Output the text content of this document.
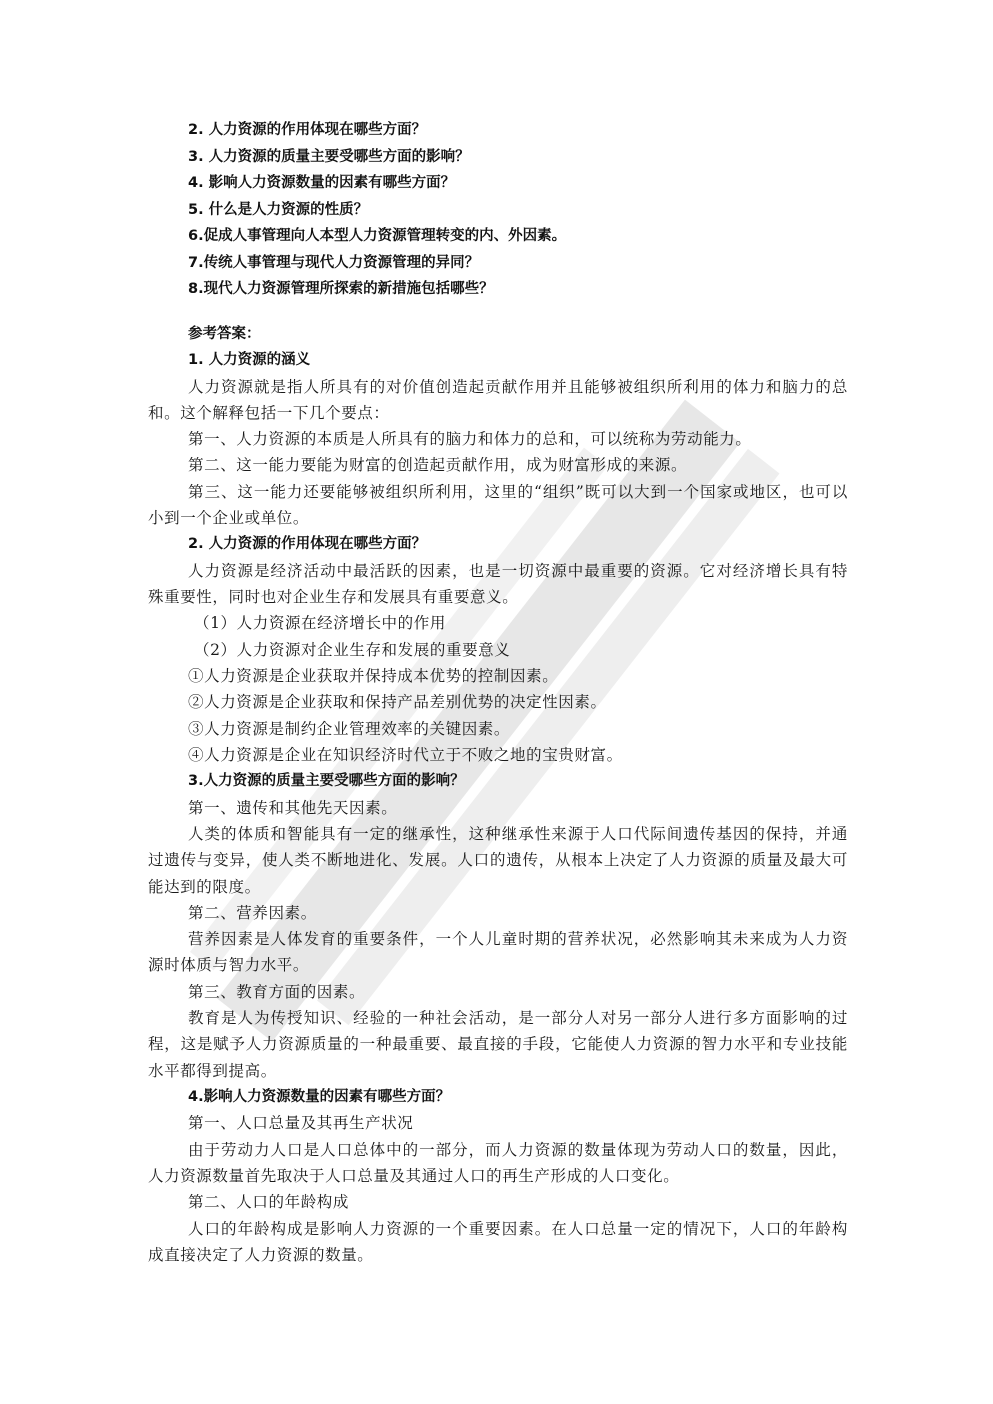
2. 人力资源的作用体现在哪些方面？
3. 人力资源的质量主要受哪些方面的影响？
4. 影响人力资源数量的因素有哪些方面？
5. 什么是人力资源的性质？
6.促成人事管理向人本型人力资源管理转变的内、外因素。
7.传统人事管理与现代人力资源管理的异同？
8.现代人力资源管理所探索的新措施包括哪些？
参考答案：
1. 人力资源的涵义

人力资源就是指人所具有的对价值创造起贡献作用并且能够被组织所利用的体力和脑力的总和。这个解释包括一下几个要点：

第一、人力资源的本质是人所具有的脑力和体力的总和，可以统称为劳动能力。

第二、这一能力要能为财富的创造起贡献作用，成为财富形成的来源。

第三、这一能力还要能够被组织所利用，这里的“组织”既可以大到一个国家或地区，也可以小到一个企业或单位。

2. 人力资源的作用体现在哪些方面？

人力资源是经济活动中最活跃的因素，也是一切资源中最重要的资源。它对经济增长具有特殊重要性，同时也对企业生存和发展具有重要意义。

（1）人力资源在经济增长中的作用
（2）人力资源对企业生存和发展的重要意义
①人力资源是企业获取并保持成本优势的控制因素。
②人力资源是企业获取和保持产品差别优势的决定性因素。
③人力资源是制约企业管理效率的关键因素。
④人力资源是企业在知识经济时代立于不败之地的宝贵财富。
3.人力资源的质量主要受哪些方面的影响？
第一、遗传和其他先天因素。

人类的体质和智能具有一定的继承性，这种继承性来源于人口代际间遗传基因的保持，并通过遗传与变异，使人类不断地进化、发展。人口的遗传，从根本上决定了人力资源的质量及最大可能达到的限度。

第二、营养因素。

营养因素是人体发育的重要条件，一个人儿童时期的营养状况，必然影响其未来成为人力资源时体质与智力水平。

第三、教育方面的因素。

教育是人为传授知识、经验的一种社会活动，是一部分人对另一部分人进行多方面影响的过程，这是赋予人力资源质量的一种最重要、最直接的手段，它能使人力资源的智力水平和专业技能水平都得到提高。

4.影响人力资源数量的因素有哪些方面？
第一、人口总量及其再生产状况

由于劳动力人口是人口总体中的一部分，而人力资源的数量体现为劳动人口的数量，因此，人力资源数量首先取决于人口总量及其通过人口的再生产形成的人口变化。

第二、人口的年龄构成

人口的年龄构成是影响人力资源的一个重要因素。在人口总量一定的情况下，人口的年龄构成直接决定了人力资源的数量。
